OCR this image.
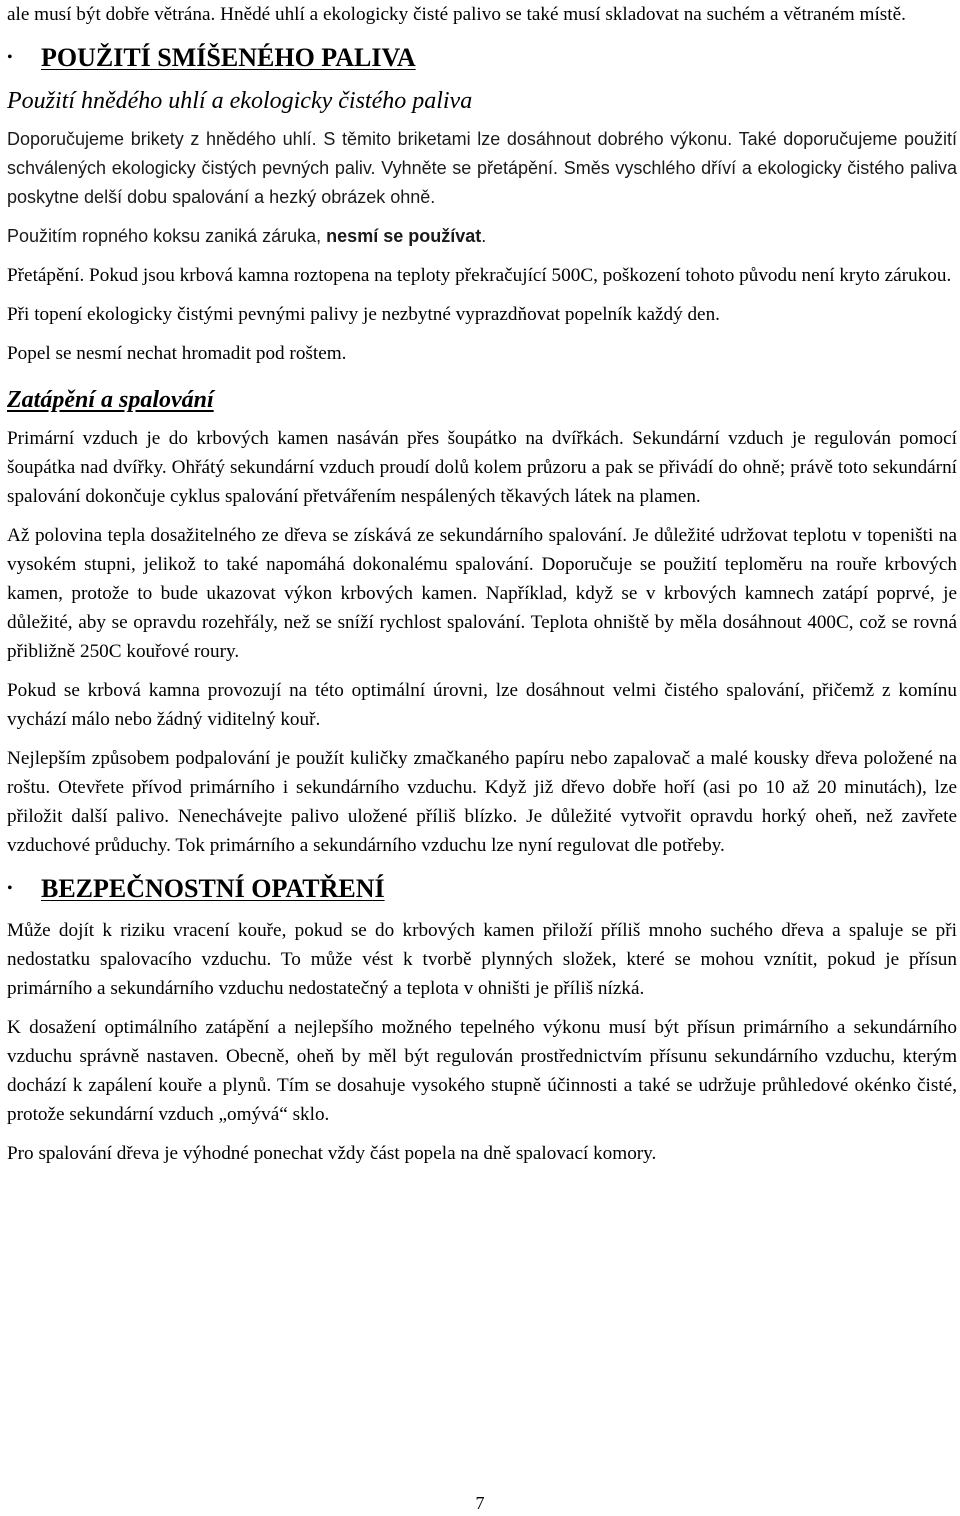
ale musí být dobře větrána. Hnědé uhlí a ekologicky čisté palivo se také musí skladovat na suchém a větraném místě.

•	POUŽITÍ SMÍŠENÉHO PALIVA

Použití hnědého uhlí a ekologicky čistého paliva

Doporučujeme brikety z hnědého uhlí. S těmito briketami lze dosáhnout dobrého výkonu. Také doporučujeme použití schválených ekologicky čistých pevných paliv. Vyhněte se přetápění. Směs vyschlého dříví a ekologicky čistého paliva poskytne delší dobu spalování a hezký obrázek ohně.

Použitím ropného koksu zaniká záruka, nesmí se používat.

Přetápění. Pokud jsou krbová kamna roztopena na teploty překračující 500C, poškození tohoto původu není kryto zárukou.

Při topení ekologicky čistými pevnými palivy je nezbytné vyprazdňovat popelník každý den.

Popel se nesmí nechat hromadit pod roštem.

Zatápění a spalování

Primární vzduch je do krbových kamen nasáván přes šoupátko na dvířkách. Sekundární vzduch je regulován pomocí šoupátka nad dvířky. Ohřátý sekundární vzduch proudí dolů kolem průzoru a pak se přivádí do ohně; právě toto sekundární spalování dokončuje cyklus spalování přetvářením nespálených těkavých látek na plamen.

Až polovina tepla dosažitelného ze dřeva se získává ze sekundárního spalování. Je důležité udržovat teplotu v topeništi na vysokém stupni, jelikož to také napomáhá dokonalému spalování. Doporučuje se použití teploměru na rouře krbových kamen, protože to bude ukazovat výkon krbových kamen. Například, když se v krbových kamnech zatápí poprvé, je důležité, aby se opravdu rozehřály, než se sníží rychlost spalování. Teplota ohniště by měla dosáhnout 400C, což se rovná přibližně 250C kouřové roury.

Pokud se krbová kamna provozují na této optimální úrovni, lze dosáhnout velmi čistého spalování, přičemž z komínu vychází málo nebo žádný viditelný kouř.

Nejlepším způsobem podpalování je použít kuličky zmačkaného papíru nebo zapalovač a malé kousky dřeva položené na roštu. Otevřete přívod primárního i sekundárního vzduchu. Když již dřevo dobře hoří (asi po 10 až 20 minutách), lze přiložit další palivo. Nenechávejte palivo uložené příliš blízko. Je důležité vytvořit opravdu horký oheň, než zavřete vzduchové průduchy. Tok primárního a sekundárního vzduchu lze nyní regulovat dle potřeby.

•	BEZPEČNOSTNÍ OPATŘENÍ

Může dojít k riziku vracení kouře, pokud se do krbových kamen přiloží příliš mnoho suchého dřeva a spaluje se při nedostatku spalovacího vzduchu. To může vést k tvorbě plynných složek, které se mohou vznítit, pokud je přísun primárního a sekundárního vzduchu nedostatečný a teplota v ohništi je příliš nízká.

K dosažení optimálního zatápění a nejlepšího možného tepelného výkonu musí být přísun primárního a sekundárního vzduchu správně nastaven. Obecně, oheň by měl být regulován prostřednictvím přísunu sekundárního vzduchu, kterým dochází k zapálení kouře a plynů. Tím se dosahuje vysokého stupně účinnosti a také se udržuje průhledové okénko čisté, protože sekundární vzduch „omývá“ sklo.

Pro spalování dřeva je výhodné ponechat vždy část popela na dně spalovací komory.

7
